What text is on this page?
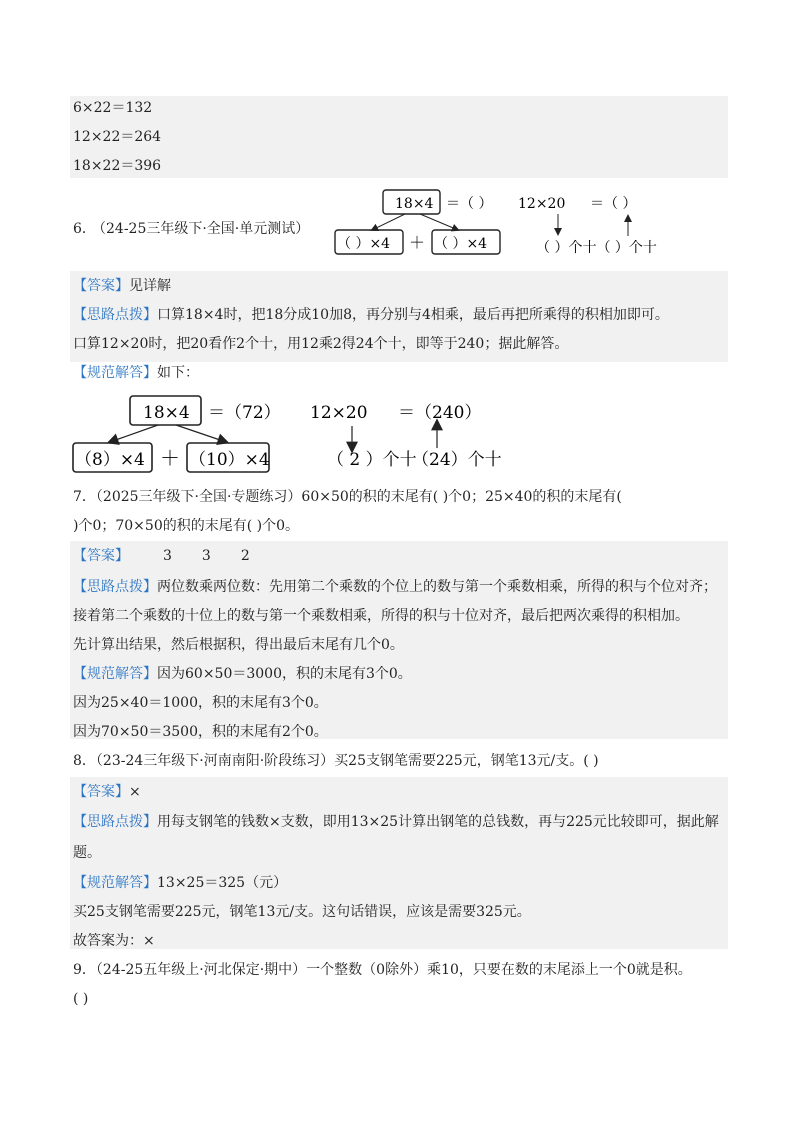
6×22＝132
12×22＝264
18×22＝396
6．
（24-25三年级下·全国·单元测试）
18×4 ＝（ ）
（ ）×4 ＋ （ ）×4
12×20 ＝（ ）
（ ）个十（ ）个十
【答案】见详解
【思路点拨】口算18×4时，把18分成10加8，再分别与4相乘，最后再把所乘得的积相加即可。
口算12×20时，把20看作2个十，用12乘2得24个十，即等于240；据此解答。
【规范解答】如下：
18×4 ＝（72）
（8）×4 ＋ （10）×4
12×20 ＝（240）
（ 2 ）个十
（24）个十
7．（2025三年级下·全国·专题练习）60×50的积的末尾有( )个0；25×40的积的末尾有(
)个0；70×50的积的末尾有( )个0。
【答案】 3 3 2
【思路点拨】两位数乘两位数：先用第二个乘数的个位上的数与第一个乘数相乘，所得的积与个位对齐；
接着第二个乘数的十位上的数与第一个乘数相乘，所得的积与十位对齐，最后把两次乘得的积相加。
先计算出结果，然后根据积，得出最后末尾有几个0。
【规范解答】因为60×50＝3000，积的末尾有3个0。
因为25×40＝1000，积的末尾有3个0。
因为70×50＝3500，积的末尾有2个0。
8．（23-24三年级下·河南南阳·阶段练习）买25支钢笔需要225元，钢笔13元/支。( )
【答案】×
【思路点拨】用每支钢笔的钱数×支数，即用13×25计算出钢笔的总钱数，再与225元比较即可，据此解
题。
【规范解答】13×25＝325（元）
买25支钢笔需要225元，钢笔13元/支。这句话错误，应该是需要325元。
故答案为：×
9．（24-25五年级上·河北保定·期中）一个整数（0除外）乘10，只要在数的末尾添上一个0就是积。
( )
